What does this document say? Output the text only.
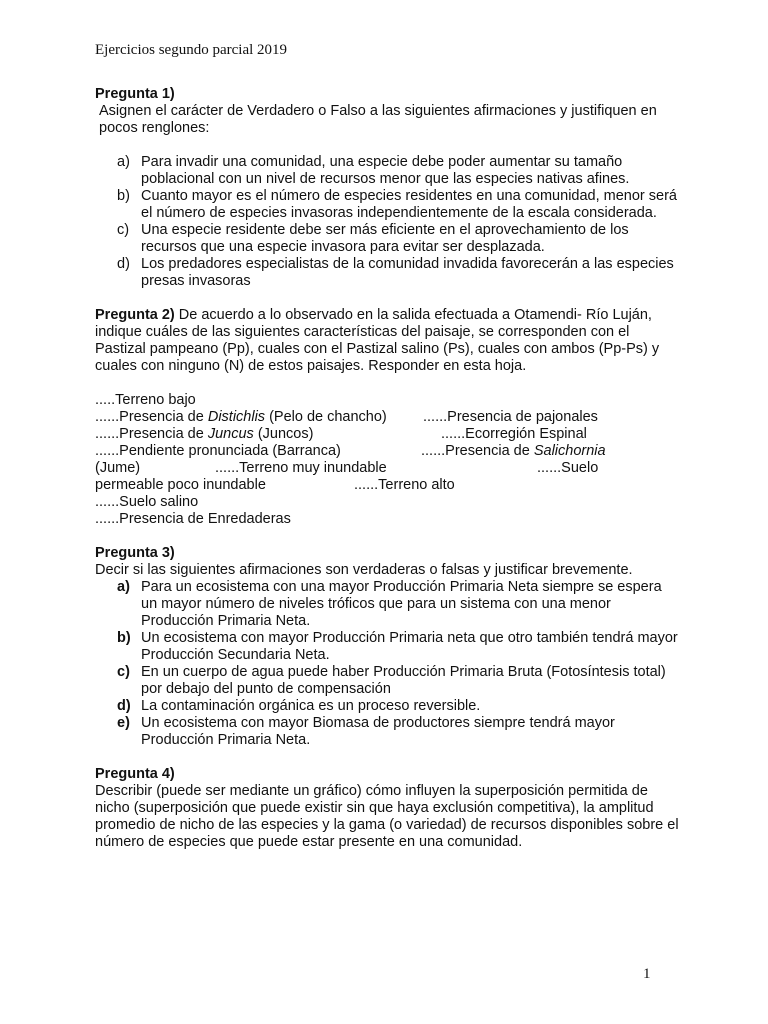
Ejercicios segundo parcial 2019
Pregunta 1)
Asignen el carácter de Verdadero o Falso a las siguientes afirmaciones y justifiquen en pocos renglones:
a) Para invadir una comunidad, una especie debe poder aumentar su tamaño poblacional con un nivel de recursos menor que las especies nativas afines.
b) Cuanto mayor es el número de especies residentes en una comunidad, menor será el número de especies invasoras independientemente de la escala considerada.
c) Una especie residente debe ser más eficiente en el aprovechamiento de los recursos que una especie invasora para evitar ser desplazada.
d) Los predadores especialistas de la comunidad invadida favorecerán a las especies presas invasoras
Pregunta 2) De acuerdo a lo observado en la salida efectuada a Otamendi- Río Luján, indique cuáles de las siguientes características del paisaje, se corresponden con el Pastizal pampeano (Pp), cuales con el Pastizal salino (Ps), cuales con ambos (Pp-Ps) y cuales con ninguno (N) de estos paisajes. Responder en esta hoja.
.....Terreno bajo
......Presencia de Distichlis (Pelo de chancho) ......Presencia de pajonales
......Presencia de Juncus (Juncos)	......Ecorregión Espinal
......Pendiente pronunciada (Barranca)	......Presencia de Salichornia
(Jume)	......Terreno muy inundable	......Suelo
permeable poco inundable	......Terreno alto
......Suelo salino
......Presencia de Enredaderas
Pregunta 3)
Decir si las siguientes afirmaciones son verdaderas o falsas y justificar brevemente.
a) Para un ecosistema con una mayor Producción Primaria Neta siempre se espera un mayor número de niveles tróficos que para un sistema con una menor Producción Primaria Neta.
b) Un ecosistema con mayor Producción Primaria neta que otro también tendrá mayor Producción Secundaria Neta.
c) En un cuerpo de agua puede haber Producción Primaria Bruta (Fotosíntesis total) por debajo del punto de compensación
d) La contaminación orgánica es un proceso reversible.
e) Un ecosistema con mayor Biomasa de productores siempre tendrá mayor Producción Primaria Neta.
Pregunta 4)
Describir (puede ser mediante un gráfico) cómo influyen la superposición permitida de nicho (superposición que puede existir sin que haya exclusión competitiva), la amplitud promedio de nicho de las especies y la gama (o variedad) de recursos disponibles sobre el número de especies que puede estar presente en una comunidad.
1
